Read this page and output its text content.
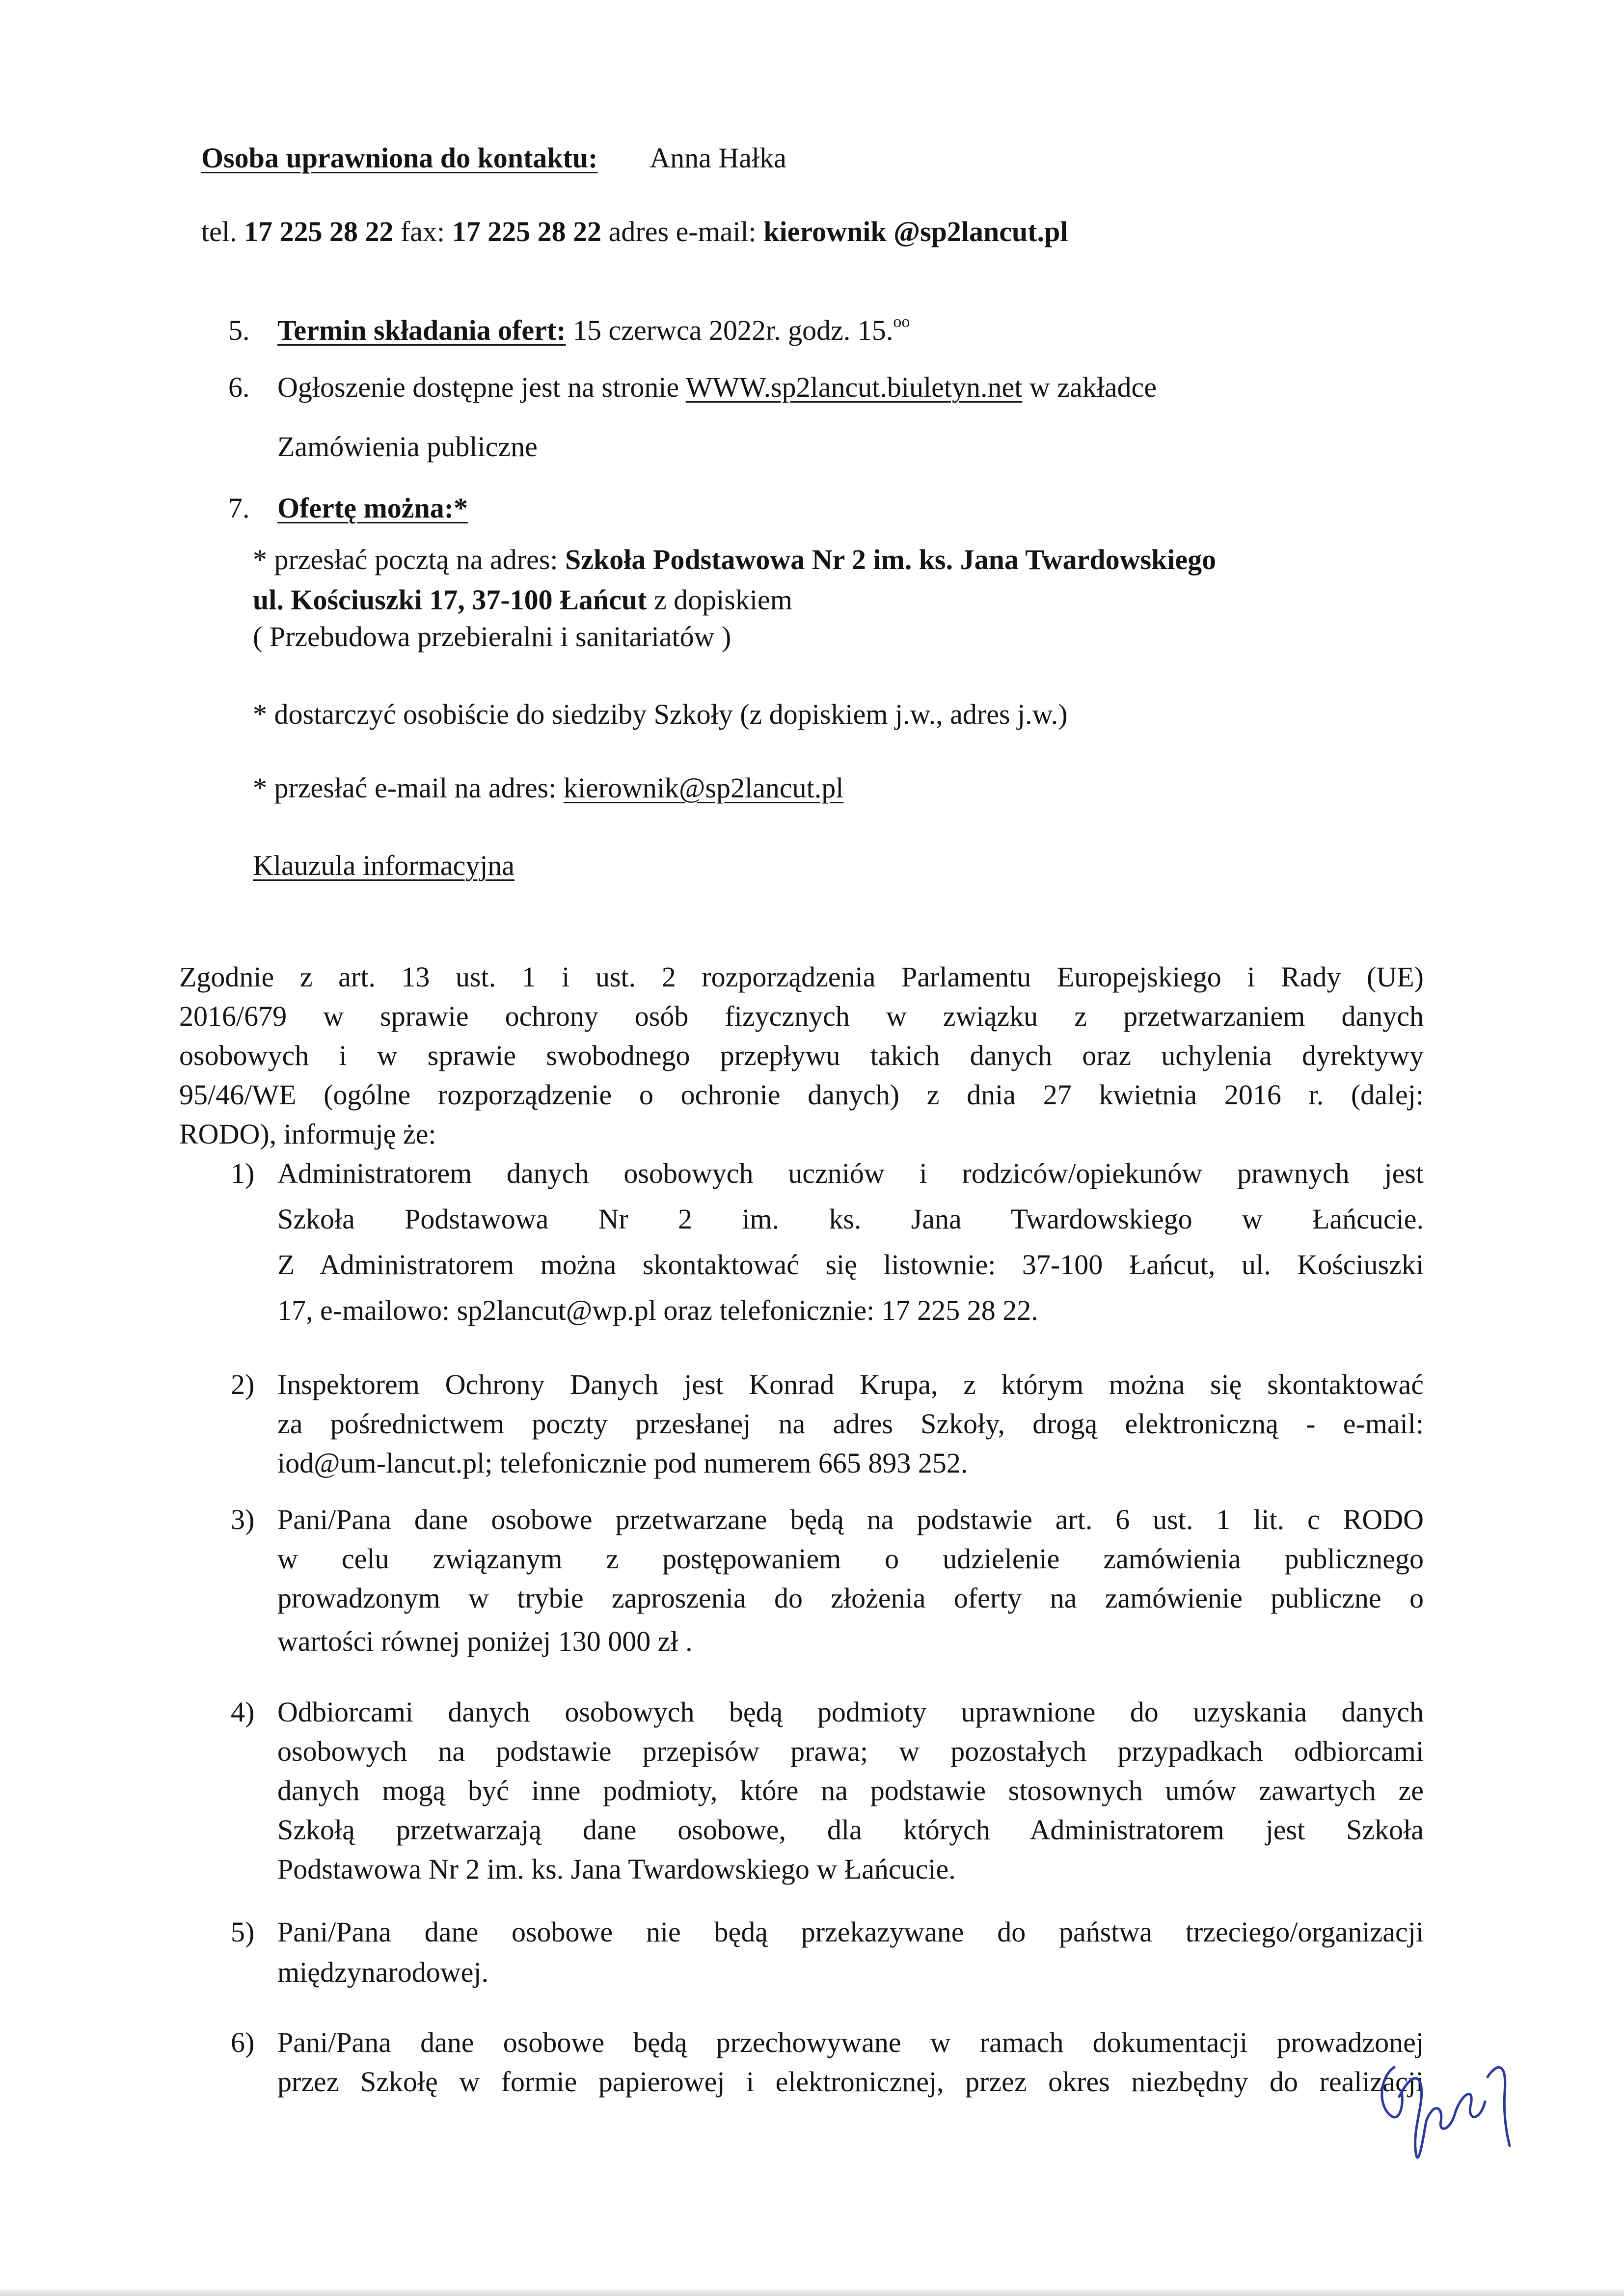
Osoba uprawniona do kontaktu: Anna Hałka
tel. 17 225 28 22 fax: 17 225 28 22 adres e-mail: kierownik @sp2lancut.pl
5. Termin składania ofert: 15 czerwca 2022r. godz. 15.$^{oo}$
6. Ogłoszenie dostępne jest na stronie WWW.sp2lancut.biuletyn.net w zakładce
Zamówienia publiczne
7. Ofertę można:*
* przesłać pocztą na adres: Szkoła Podstawowa Nr 2 im. ks. Jana Twardowskiego
ul. Kościuszki 17, 37-100 Łańcut z dopiskiem
( Przebudowa przebieralni i sanitariatów )
* dostarczyć osobiście do siedziby Szkoły (z dopiskiem j.w., adres j.w.)
* przesłać e-mail na adres: kierownik@sp2lancut.pl
Klauzula informacyjna
Zgodnie z art. 13 ust. 1 i ust. 2 rozporządzenia Parlamentu Europejskiego i Rady (UE)
2016/679 w sprawie ochrony osób fizycznych w związku z przetwarzaniem danych
osobowych i w sprawie swobodnego przepływu takich danych oraz uchylenia dyrektywy
95/46/WE (ogólne rozporządzenie o ochronie danych) z dnia 27 kwietnia 2016 r. (dalej:
RODO), informuję że:
1) Administratorem danych osobowych uczniów i rodziców/opiekunów prawnych jest
Szkoła Podstawowa Nr 2 im. ks. Jana Twardowskiego w Łańcucie.
Z Administratorem można skontaktować się listownie: 37-100 Łańcut, ul. Kościuszki
17, e-mailowo: sp2lancut@wp.pl oraz telefonicznie: 17 225 28 22.
2) Inspektorem Ochrony Danych jest Konrad Krupa, z którym można się skontaktować
za pośrednictwem poczty przesłanej na adres Szkoły, drogą elektroniczną - e-mail:
iod@um-lancut.pl; telefonicznie pod numerem 665 893 252.
3) Pani/Pana dane osobowe przetwarzane będą na podstawie art. 6 ust. 1 lit. c RODO
w celu związanym z postępowaniem o udzielenie zamówienia publicznego
prowadzonym w trybie zaproszenia do złożenia oferty na zamówienie publiczne o
wartości równej poniżej 130 000 zł .
4) Odbiorcami danych osobowych będą podmioty uprawnione do uzyskania danych
osobowych na podstawie przepisów prawa; w pozostałych przypadkach odbiorcami
danych mogą być inne podmioty, które na podstawie stosownych umów zawartych ze
Szkołą przetwarzają dane osobowe, dla których Administratorem jest Szkoła
Podstawowa Nr 2 im. ks. Jana Twardowskiego w Łańcucie.
5) Pani/Pana dane osobowe nie będą przekazywane do państwa trzeciego/organizacji
międzynarodowej.
6) Pani/Pana dane osobowe będą przechowywane w ramach dokumentacji prowadzonej
przez Szkołę w formie papierowej i elektronicznej, przez okres niezbędny do realizacji
